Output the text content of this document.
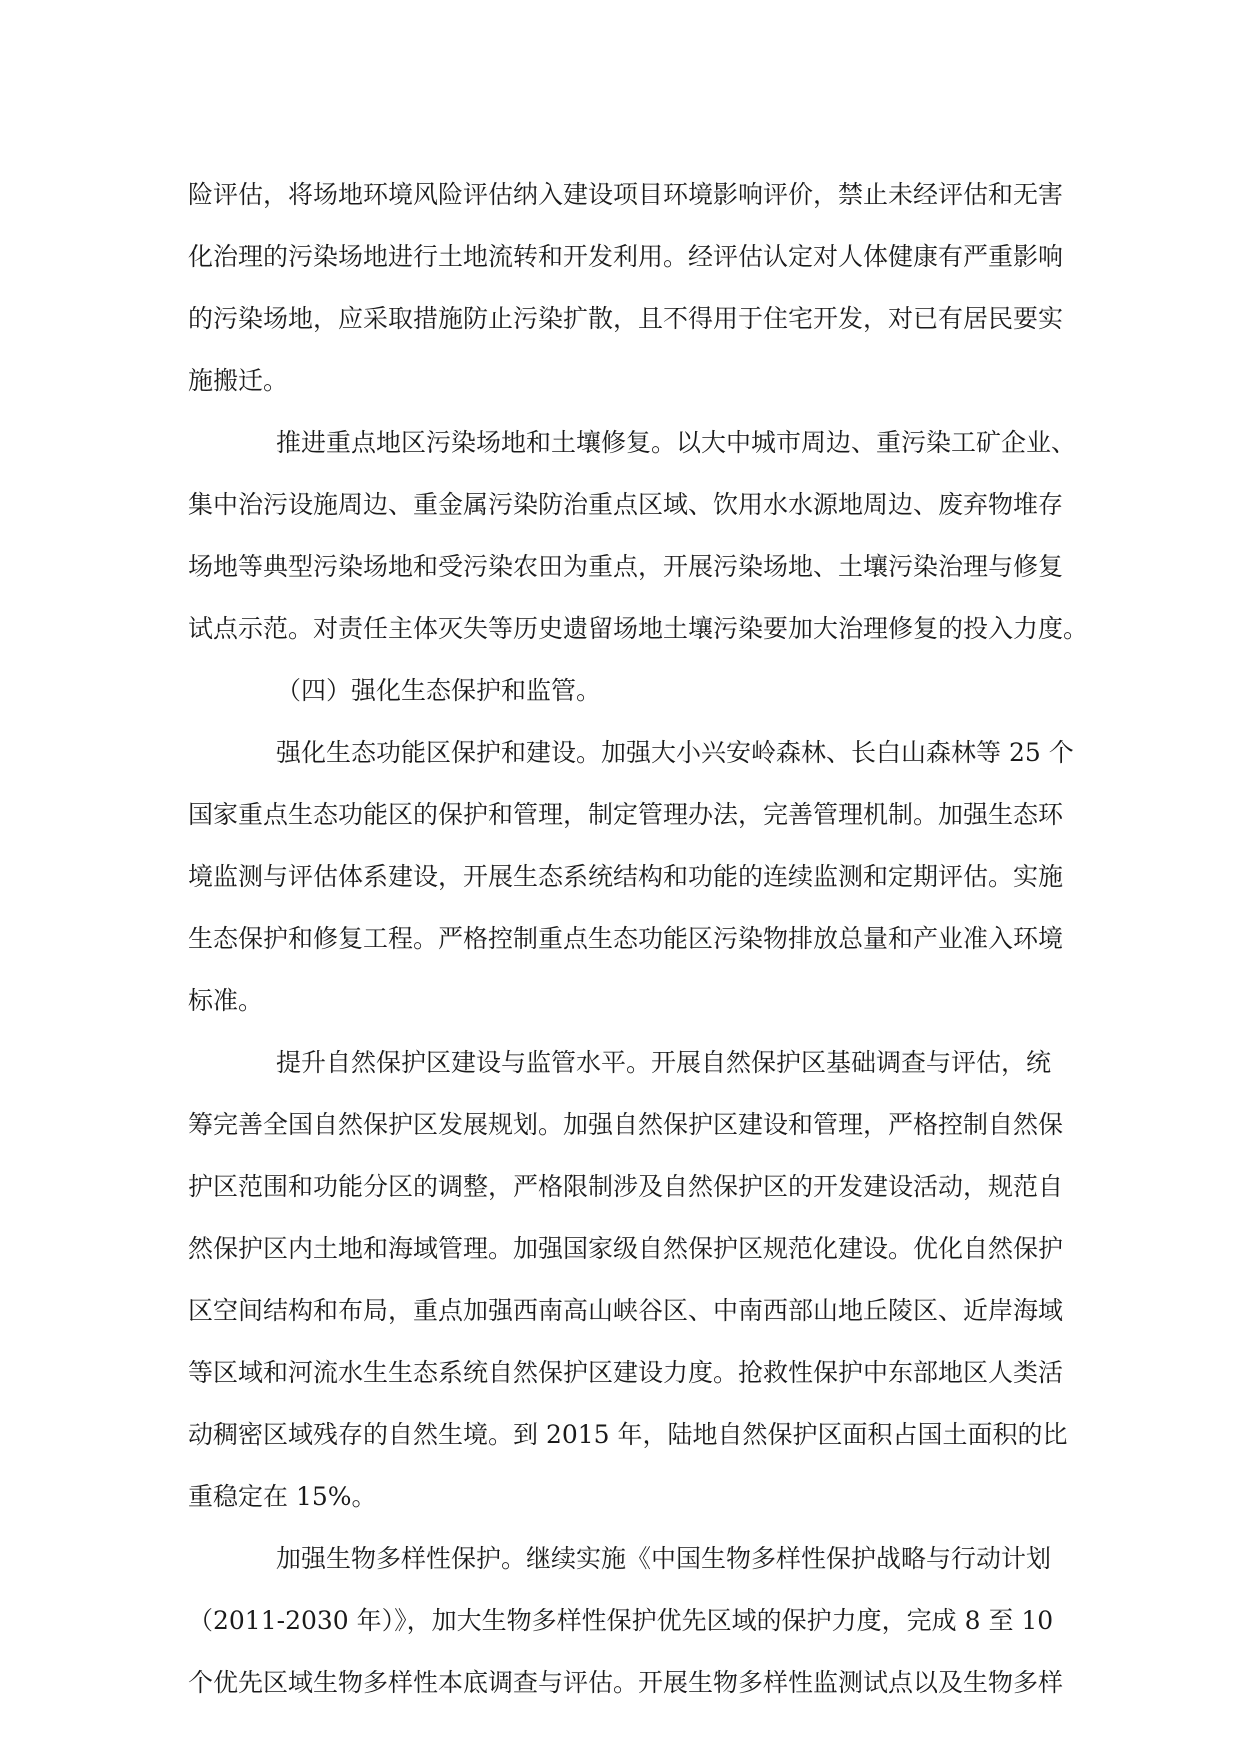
险评估，将场地环境风险评估纳入建设项目环境影响评价，禁止未经评估和无害
化治理的污染场地进行土地流转和开发利用。经评估认定对人体健康有严重影响
的污染场地，应采取措施防止污染扩散，且不得用于住宅开发，对已有居民要实
施搬迁。
推进重点地区污染场地和土壤修复。以大中城市周边、重污染工矿企业、
集中治污设施周边、重金属污染防治重点区域、饮用水水源地周边、废弃物堆存
场地等典型污染场地和受污染农田为重点，开展污染场地、土壤污染治理与修复
试点示范。对责任主体灭失等历史遗留场地土壤污染要加大治理修复的投入力度。
（四）强化生态保护和监管。
强化生态功能区保护和建设。加强大小兴安岭森林、长白山森林等 25 个
国家重点生态功能区的保护和管理，制定管理办法，完善管理机制。加强生态环
境监测与评估体系建设，开展生态系统结构和功能的连续监测和定期评估。实施
生态保护和修复工程。严格控制重点生态功能区污染物排放总量和产业准入环境
标准。
提升自然保护区建设与监管水平。开展自然保护区基础调查与评估，统
筹完善全国自然保护区发展规划。加强自然保护区建设和管理，严格控制自然保
护区范围和功能分区的调整，严格限制涉及自然保护区的开发建设活动，规范自
然保护区内土地和海域管理。加强国家级自然保护区规范化建设。优化自然保护
区空间结构和布局，重点加强西南高山峡谷区、中南西部山地丘陵区、近岸海域
等区域和河流水生生态系统自然保护区建设力度。抢救性保护中东部地区人类活
动稠密区域残存的自然生境。到 2015 年，陆地自然保护区面积占国土面积的比
重稳定在 15%。
加强生物多样性保护。继续实施《中国生物多样性保护战略与行动计划
（2011-2030 年）》，加大生物多样性保护优先区域的保护力度，完成 8 至 10
个优先区域生物多样性本底调查与评估。开展生物多样性监测试点以及生物多样
